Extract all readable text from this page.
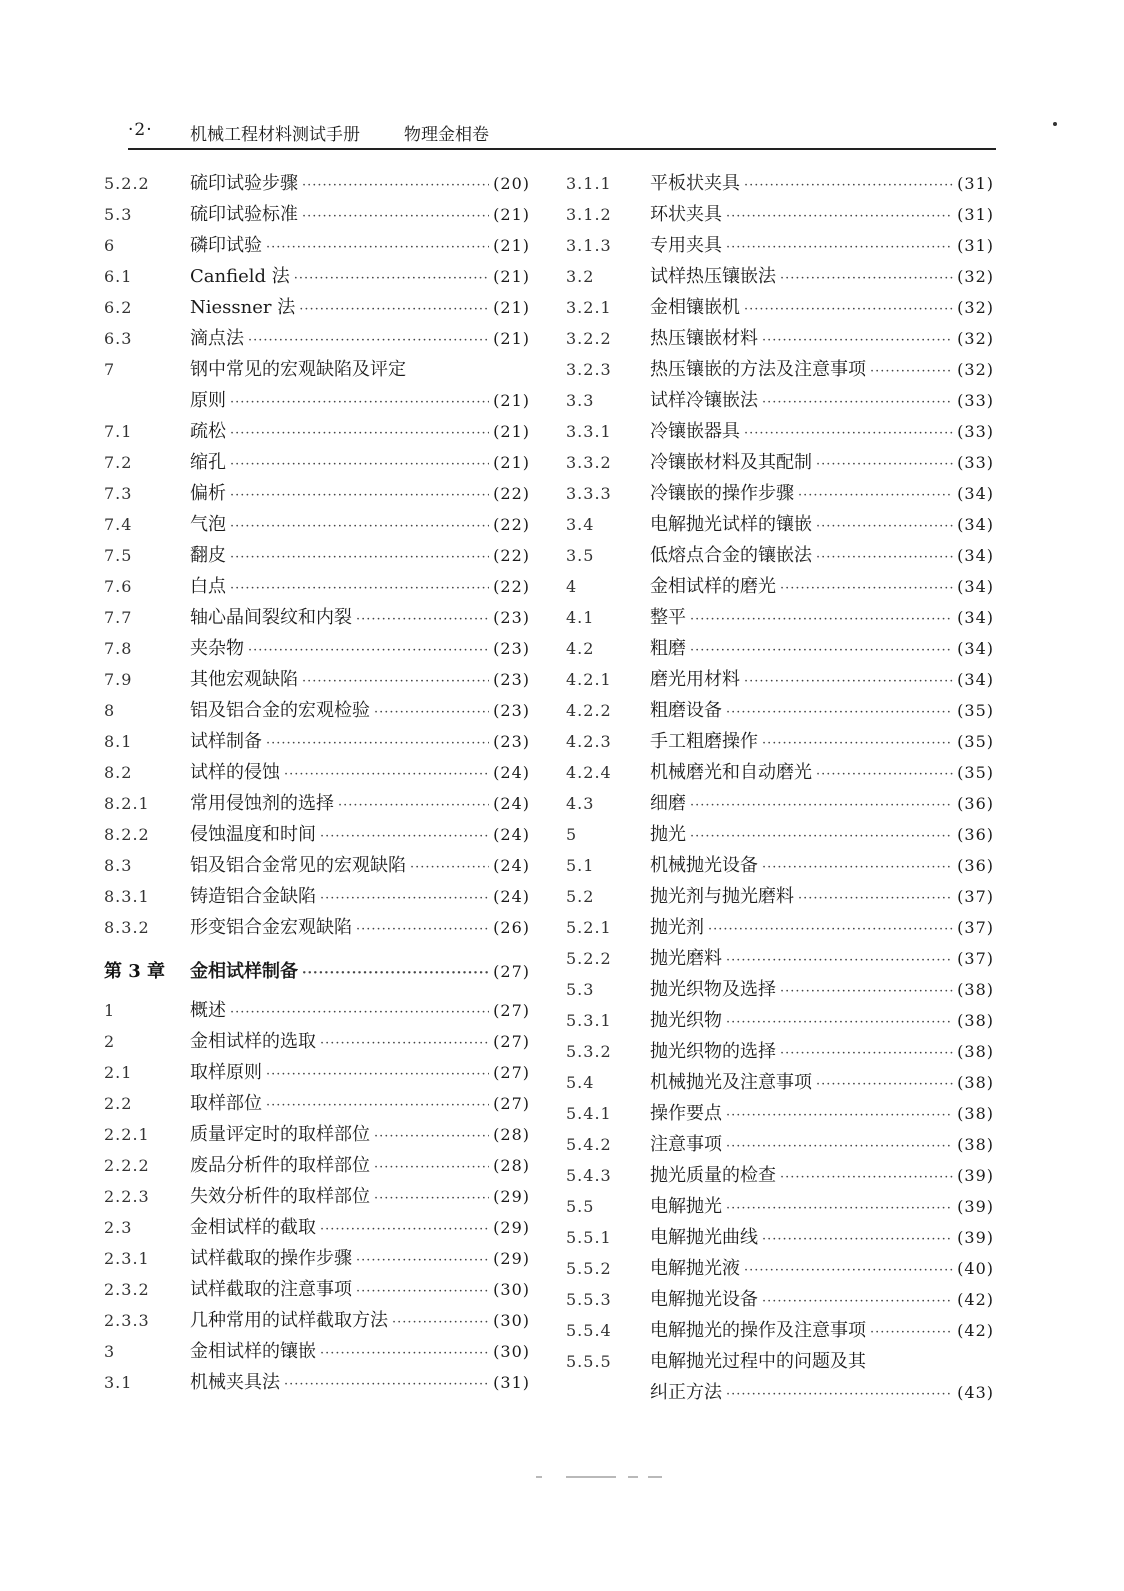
·2· 机械工程材料测试手册	物理金相卷
5.2.2 硫印试验步骤 ·····	(20)
5.3	硫印试验标准 ·····	(21)
6	磷印试验 ·····	(21)
6.1	Canfield 法 ·····	(21)
6.2	Niessner 法 ·····	(21)
6.3	滴点法 ·····	(21)
7	钢中常见的宏观缺陷及评定
原则 ·····	(21)
7.1	疏松 ·····	(21)
7.2	缩孔 ·····	(21)
7.3	偏析 ·····	(22)
7.4	气泡 ·····	(22)
7.5	翻皮 ·····	(22)
7.6	白点 ·····	(22)
7.7	轴心晶间裂纹和内裂 ·····	(23)
7.8	夹杂物 ·····	(23)
7.9	其他宏观缺陷 ·····	(23)
8	铝及铝合金的宏观检验 ·····	(23)
8.1	试样制备 ·····	(23)
8.2	试样的侵蚀 ·····	(24)
8.2.1 常用侵蚀剂的选择 ·····	(24)
8.2.2 侵蚀温度和时间 ·····	(24)
8.3	铝及铝合金常见的宏观缺陷 ·····	(24)
8.3.1 铸造铝合金缺陷 ·····	(24)
8.3.2 形变铝合金宏观缺陷 ·····	(26)
第 3 章 金相试样制备 ·····	(27)
1	概述 ·····	(27)
2	金相试样的选取 ·····	(27)
2.1	取样原则 ·····	(27)
2.2	取样部位 ·····	(27)
2.2.1 质量评定时的取样部位 ·····	(28)
2.2.2 废品分析件的取样部位 ·····	(28)
2.2.3 失效分析件的取样部位 ·····	(29)
2.3	金相试样的截取 ·····	(29)
2.3.1 试样截取的操作步骤 ·····	(29)
2.3.2 试样截取的注意事项 ·····	(30)
2.3.3 几种常用的试样截取方法 ·····	(30)
3	金相试样的镶嵌 ·····	(30)
3.1	机械夹具法 ·····	(31)
3.1.1 平板状夹具 ·····	(31)
3.1.2 环状夹具 ·····	(31)
3.1.3 专用夹具 ·····	(31)
3.2	试样热压镶嵌法 ·····	(32)
3.2.1 金相镶嵌机 ·····	(32)
3.2.2 热压镶嵌材料 ·····	(32)
3.2.3 热压镶嵌的方法及注意事项 ·····	(32)
3.3	试样冷镶嵌法 ·····	(33)
3.3.1 冷镶嵌器具 ·····	(33)
3.3.2 冷镶嵌材料及其配制 ·····	(33)
3.3.3 冷镶嵌的操作步骤 ·····	(34)
3.4	电解抛光试样的镶嵌 ·····	(34)
3.5	低熔点合金的镶嵌法 ·····	(34)
4	金相试样的磨光 ·····	(34)
4.1	整平 ·····	(34)
4.2	粗磨 ·····	(34)
4.2.1 磨光用材料 ·····	(34)
4.2.2 粗磨设备 ·····	(35)
4.2.3 手工粗磨操作 ·····	(35)
4.2.4 机械磨光和自动磨光 ·····	(35)
4.3	细磨 ·····	(36)
5	抛光 ·····	(36)
5.1	机械抛光设备 ·····	(36)
5.2	抛光剂与抛光磨料 ·····	(37)
5.2.1 抛光剂 ·····	(37)
5.2.2 抛光磨料 ·····	(37)
5.3	抛光织物及选择 ·····	(38)
5.3.1 抛光织物 ·····	(38)
5.3.2 抛光织物的选择 ·····	(38)
5.4	机械抛光及注意事项 ·····	(38)
5.4.1 操作要点 ·····	(38)
5.4.2 注意事项 ·····	(38)
5.4.3 抛光质量的检查 ·····	(39)
5.5	电解抛光 ·····	(39)
5.5.1 电解抛光曲线 ·····	(39)
5.5.2 电解抛光液 ·····	(40)
5.5.3 电解抛光设备 ·····	(42)
5.5.4 电解抛光的操作及注意事项 ·····	(42)
5.5.5 电解抛光过程中的问题及其
纠正方法 ·····	(43)
